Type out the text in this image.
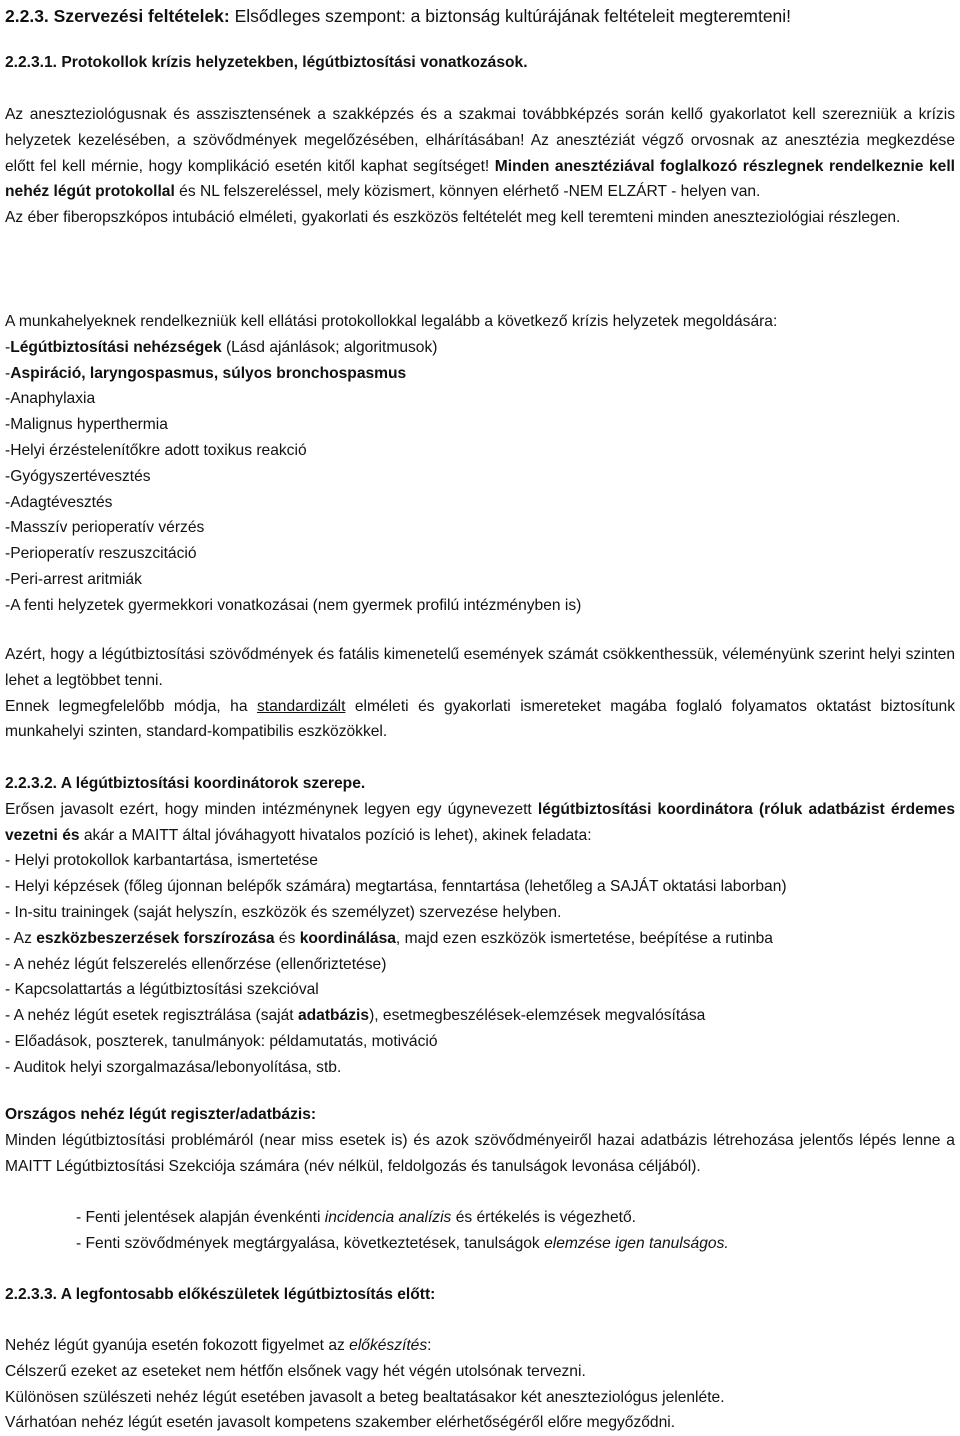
2.2.3. Szervezési feltételek: Elsődleges szempont: a biztonság kultúrájának feltételeit megteremteni!

2.2.3.1. Protokollok krízis helyzetekben, légútbiztosítási vonatkozások.

Az aneszteziológusnak és asszisztensének a szakképzés és a szakmai továbbképzés során kellő gyakorlatot kell szerezniük a krízis helyzetek kezelésében, a szövődmények megelőzésében, elhárításában! Az anesztéziát végző orvosnak az anesztézia megkezdése előtt fel kell mérnie, hogy komplikáció esetén kitől kaphat segítséget! Minden anesztéziával foglalkozó részlegnek rendelkeznie kell nehéz légút protokollal és NL felszereléssel, mely közismert, könnyen elérhető -NEM ELZÁRT - helyen van.
Az éber fiberopszkópos intubáció elméleti, gyakorlati és eszközös feltételét meg kell teremteni minden aneszteziológiai részlegen.
A munkahelyeknek rendelkezniük kell ellátási protokollokkal legalább a következő krízis helyzetek megoldására:
-Légútbiztosítási nehézségek (Lásd ajánlások; algoritmusok)
-Aspiráció, laryngospasmus, súlyos bronchospasmus
-Anaphylaxia
-Malignus hyperthermia
-Helyi érzéstelenítőkre adott toxikus reakció
-Gyógyszertévesztés
-Adagtévesztés
-Masszív perioperatív vérzés
-Perioperatív reszuszcitáció
-Peri-arrest aritmiák
-A fenti helyzetek gyermekkori vonatkozásai (nem gyermek profilú intézményben is)
Azért, hogy a légútbiztosítási szövődmények és fatális kimenetelű események számát csökkenthessük, véleményünk szerint helyi szinten lehet a legtöbbet tenni.
Ennek legmegfelelőbb módja, ha standardizált elméleti és gyakorlati ismereteket magába foglaló folyamatos oktatást biztosítunk munkahelyi szinten, standard-kompatibilis eszközökkel.
2.2.3.2. A légútbiztosítási koordinátorok szerepe.
Erősen javasolt ezért, hogy minden intézménynek legyen egy úgynevezett légútbiztosítási koordinátora (róluk adatbázist érdemes vezetni és akár a MAITT által jóváhagyott hivatalos pozíció is lehet), akinek feladata:
- Helyi protokollok karbantartása, ismertetése
- Helyi képzések (főleg újonnan belépők számára) megtartása, fenntartása (lehetőleg a SAJÁT oktatási laborban)
- In-situ trainingek (saját helyszín, eszközök és személyzet) szervezése helyben.
- Az eszközbeszerzések forszírozása és koordinálása, majd ezen eszközök ismertetése, beépítése a rutinba
- A nehéz légút felszerelés ellenőrzése (ellenőriztetése)
- Kapcsolattartás a légútbiztosítási szekcióval
- A nehéz légút esetek regisztrálása (saját adatbázis), esetmegbeszélések-elemzések megvalósítása
- Előadások, poszterek, tanulmányok: példamutatás, motiváció
- Auditok helyi szorgalmazása/lebonyolítása, stb.
Országos nehéz légút regiszter/adatbázis:
Minden légútbiztosítási problémáról (near miss esetek is) és azok szövődményeiről hazai adatbázis létrehozása jelentős lépés lenne a MAITT Légútbiztosítási Szekciója számára (név nélkül, feldolgozás és tanulságok levonása céljából).
- Fenti jelentések alapján évenkénti incidencia analízis és értékelés is végezhető.
- Fenti szövődmények megtárgyalása, következtetések, tanulságok elemzése igen tanulságos.
2.2.3.3. A legfontosabb előkészületek légútbiztosítás előtt:
Nehéz légút gyanúja esetén fokozott figyelmet az előkészítés:
Célszerű ezeket az eseteket nem hétfőn elsőnek vagy hét végén utolsónak tervezni.
Különösen szülészeti nehéz légút esetében javasolt a beteg bealtatásakor két aneszteziológus jelenléte.
Várhatóan nehéz légút esetén javasolt kompetens szakember elérhetőségéről előre megyőződni.
